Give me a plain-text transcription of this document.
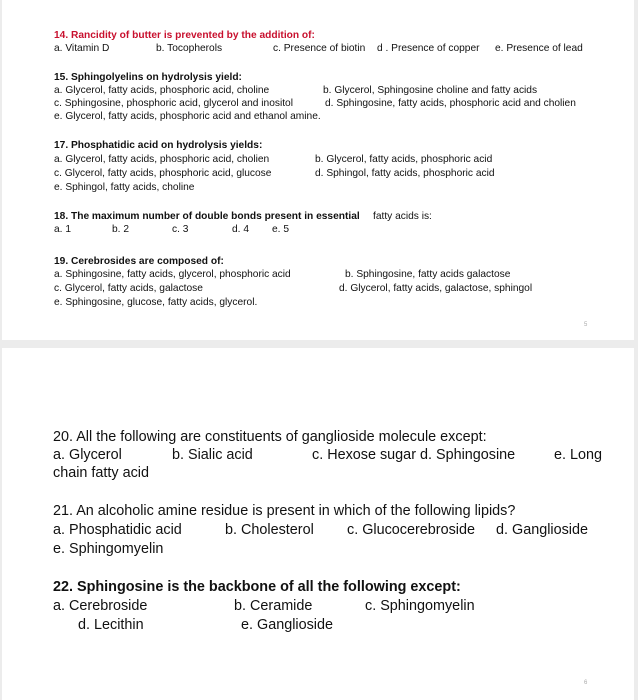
14. Rancidity of butter is prevented by the addition of:
a. Vitamin D	b. Tocopherols	c. Presence of biotin d . Presence of copper e. Presence of lead
15. Sphingolyelins on hydrolysis yield:
a. Glycerol, fatty acids, phosphoric acid, choline	b. Glycerol, Sphingosine choline and fatty acids
c. Sphingosine, phosphoric acid, glycerol and inositol	d. Sphingosine, fatty acids, phosphoric acid and cholien
e. Glycerol, fatty acids, phosphoric acid and ethanol amine.
17. Phosphatidic acid on hydrolysis yields:
a. Glycerol, fatty acids, phosphoric acid, cholien	b. Glycerol, fatty acids, phosphoric acid
c. Glycerol, fatty acids, phosphoric acid, glucose	d. Sphingol, fatty acids, phosphoric acid
e. Sphingol, fatty acids, choline
18. The maximum number of double bonds present in essential fatty acids is:
a. 1	b. 2	c. 3	d. 4 e. 5
19. Cerebrosides are composed of:
a. Sphingosine, fatty acids, glycerol, phosphoric acid	b. Sphingosine, fatty acids galactose
c. Glycerol, fatty acids, galactose	d. Glycerol, fatty acids, galactose, sphingol
e. Sphingosine, glucose, fatty acids, glycerol.
5
20. All the following are constituents of ganglioside molecule except:
a. Glycerol	b. Sialic acid	c. Hexose sugar d. Sphingosine	e. Long
chain fatty acid
21. An alcoholic amine residue is present in which of the following lipids?
a. Phosphatidic acid	b. Cholesterol c. Glucocerebroside d. Ganglioside
e. Sphingomyelin
22. Sphingosine is the backbone of all the following except:
a. Cerebroside	b. Ceramide	c. Sphingomyelin
d. Lecithin	e. Ganglioside
6
